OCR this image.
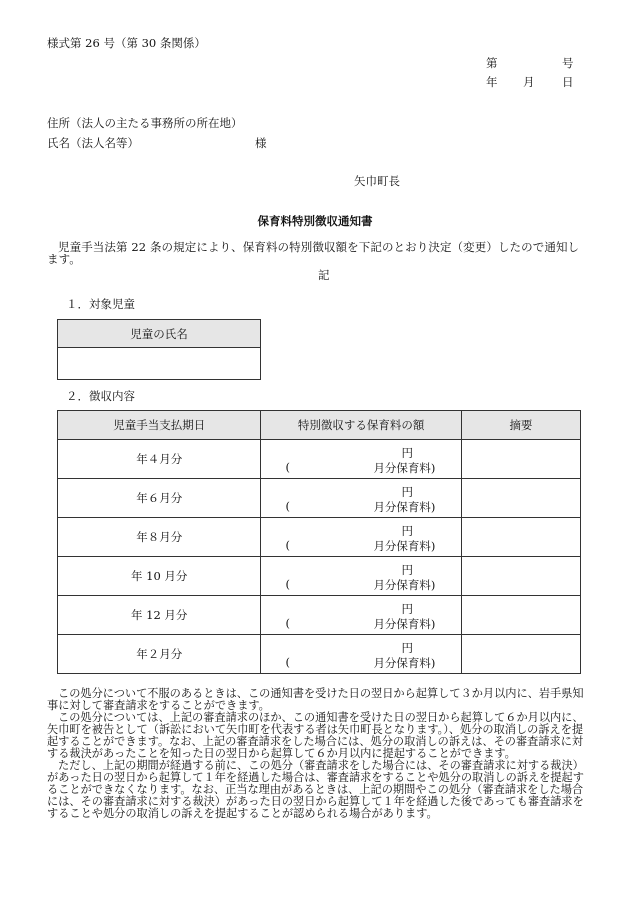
様式第 26 号（第 30 条関係）
第	号
年 月 日
住所（法人の主たる事務所の所在地）
氏名（法人名等）	様
矢巾町長
保育料特別徴収通知書
児童手当法第 22 条の規定により、保育料の特別徴収額を下記のとおり決定（変更）したので通知します。
記
１．対象児童
児童の氏名

２．徴収内容
児童手当支払期日	特別徴収する保育料の額	摘要
年４月分	円
( 月分保育料)	

年６月分	円
( 月分保育料)	

年８月分	円
( 月分保育料)	

年 10 月分	円
( 月分保育料)	

年 12 月分	円
( 月分保育料)	

年２月分	円
( 月分保育料)	

この処分について不服のあるときは、この通知書を受けた日の翌日から起算して３か月以内に、岩手県知事に対して審査請求をすることができます。

この処分については、上記の審査請求のほか、この通知書を受けた日の翌日から起算して６か月以内に、矢巾町を被告として（訴訟において矢巾町を代表する者は矢巾町長となります。）、処分の取消しの訴えを提起することができます。なお、上記の審査請求をした場合には、処分の取消しの訴えは、その審査請求に対する裁決があったことを知った日の翌日から起算して６か月以内に提起することができます。

ただし、上記の期間が経過する前に、この処分（審査請求をした場合には、その審査請求に対する裁決）があった日の翌日から起算して１年を経過した場合は、審査請求をすることや処分の取消しの訴えを提起することができなくなります。なお、正当な理由があるときは、上記の期間やこの処分（審査請求をした場合には、その審査請求に対する裁決）があった日の翌日から起算して１年を経過した後であっても審査請求をすることや処分の取消しの訴えを提起することが認められる場合があります。
